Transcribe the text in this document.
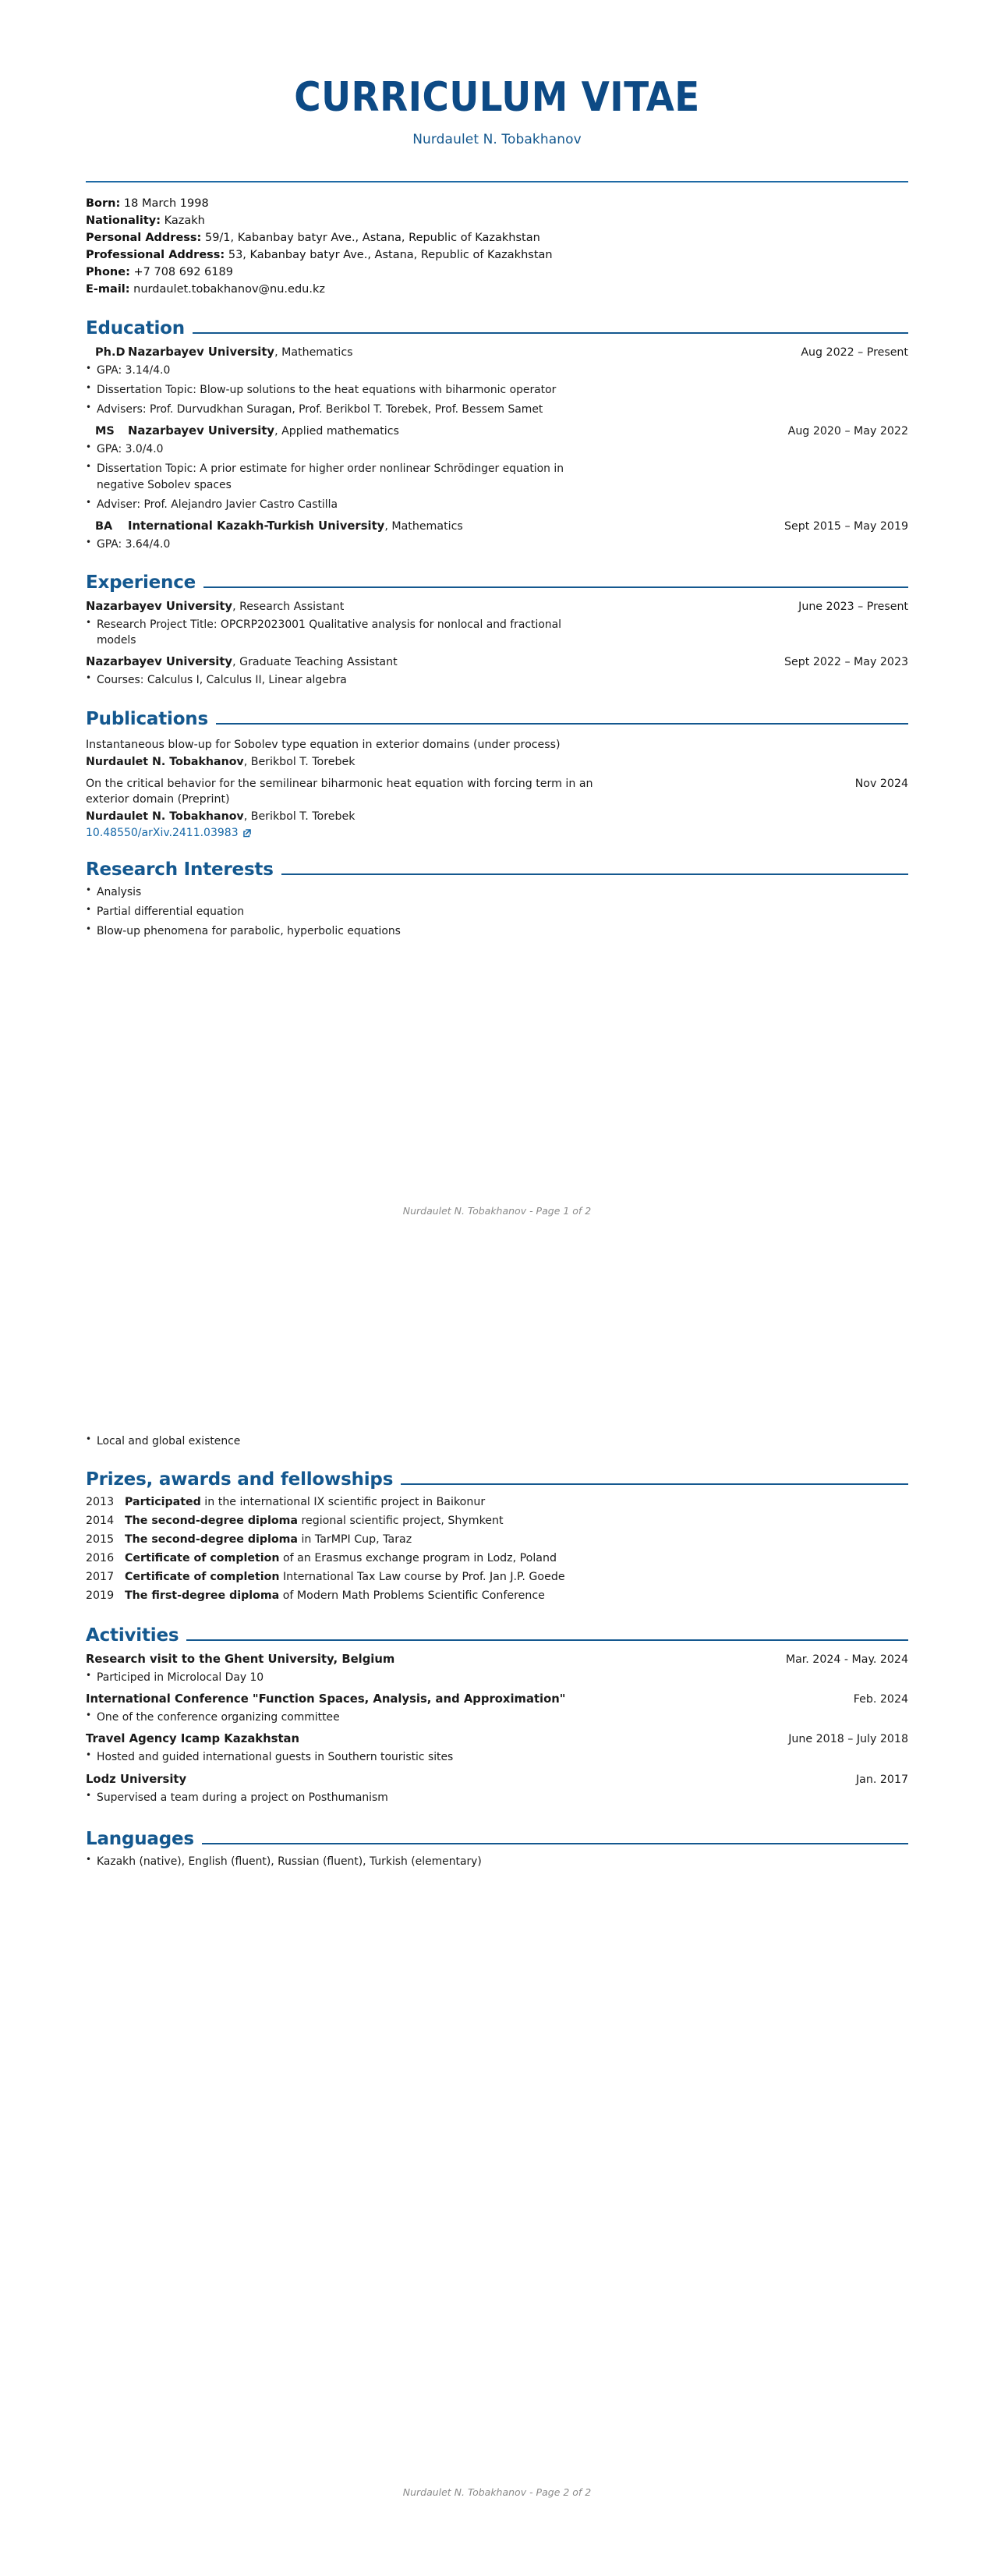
CURRICULUM VITAE
Nurdaulet N. Tobakhanov
Born: 18 March 1998
Nationality: Kazakh
Personal Address: 59/1, Kabanbay batyr Ave., Astana, Republic of Kazakhstan
Professional Address: 53, Kabanbay batyr Ave., Astana, Republic of Kazakhstan
Phone: +7 708 692 6189
E-mail: nurdaulet.tobakhanov@nu.edu.kz
Education
Ph.D Nazarbayev University , Mathematics	Aug 2022 – Present
• GPA: 3.14/4.0
• Dissertation Topic: Blow-up solutions to the heat equations with biharmonic operator
• Advisers: Prof. Durvudkhan Suragan, Prof. Berikbol T. Torebek, Prof. Bessem Samet
MS	Nazarbayev University , Applied mathematics	Aug 2020 – May 2022
• GPA: 3.0/4.0
• Dissertation Topic: A prior estimate for higher order nonlinear Schrödinger equation in negative Sobolev spaces
• Adviser: Prof. Alejandro Javier Castro Castilla
BA	International Kazakh-Turkish University , Mathematics	Sept 2015 – May 2019
• GPA: 3.64/4.0
Experience
Nazarbayev University , Research Assistant	June 2023 – Present
• Research Project Title: OPCRP2023001 Qualitative analysis for nonlocal and fractional models
Nazarbayev University , Graduate Teaching Assistant	Sept 2022 – May 2023
• Courses: Calculus I, Calculus II, Linear algebra
Publications
Instantaneous blow-up for Sobolev type equation in exterior domains (under process)
Nurdaulet N. Tobakhanov, Berikbol T. Torebek
On the critical behavior for the semilinear biharmonic heat equation with forcing term in an exterior domain (Preprint)
Nov 2024
Nurdaulet N. Tobakhanov, Berikbol T. Torebek
10.48550/arXiv.2411.03983
Research Interests
• Analysis
• Partial differential equation
• Blow-up phenomena for parabolic, hyperbolic equations
Nurdaulet N. Tobakhanov - Page 1 of 2
• Local and global existence
Prizes, awards and fellowships
2013 Participated in the international IX scientific project in Baikonur
2014 The second-degree diploma regional scientific project, Shymkent
2015 The second-degree diploma in TarMPI Cup, Taraz
2016 Certificate of completion of an Erasmus exchange program in Lodz, Poland
2017 Certificate of completion International Tax Law course by Prof. Jan J.P. Goede
2019 The first-degree diploma of Modern Math Problems Scientific Conference
Activities
Research visit to the Ghent University, Belgium	Mar. 2024 - May. 2024
• Participed in Microlocal Day 10
International Conference "Function Spaces, Analysis, and Approximation"	Feb. 2024
• One of the conference organizing committee
Travel Agency Icamp Kazakhstan	June 2018 – July 2018
• Hosted and guided international guests in Southern touristic sites
Lodz University	Jan. 2017
• Supervised a team during a project on Posthumanism
Languages
• Kazakh (native), English (fluent), Russian (fluent), Turkish (elementary)
Nurdaulet N. Tobakhanov - Page 2 of 2
